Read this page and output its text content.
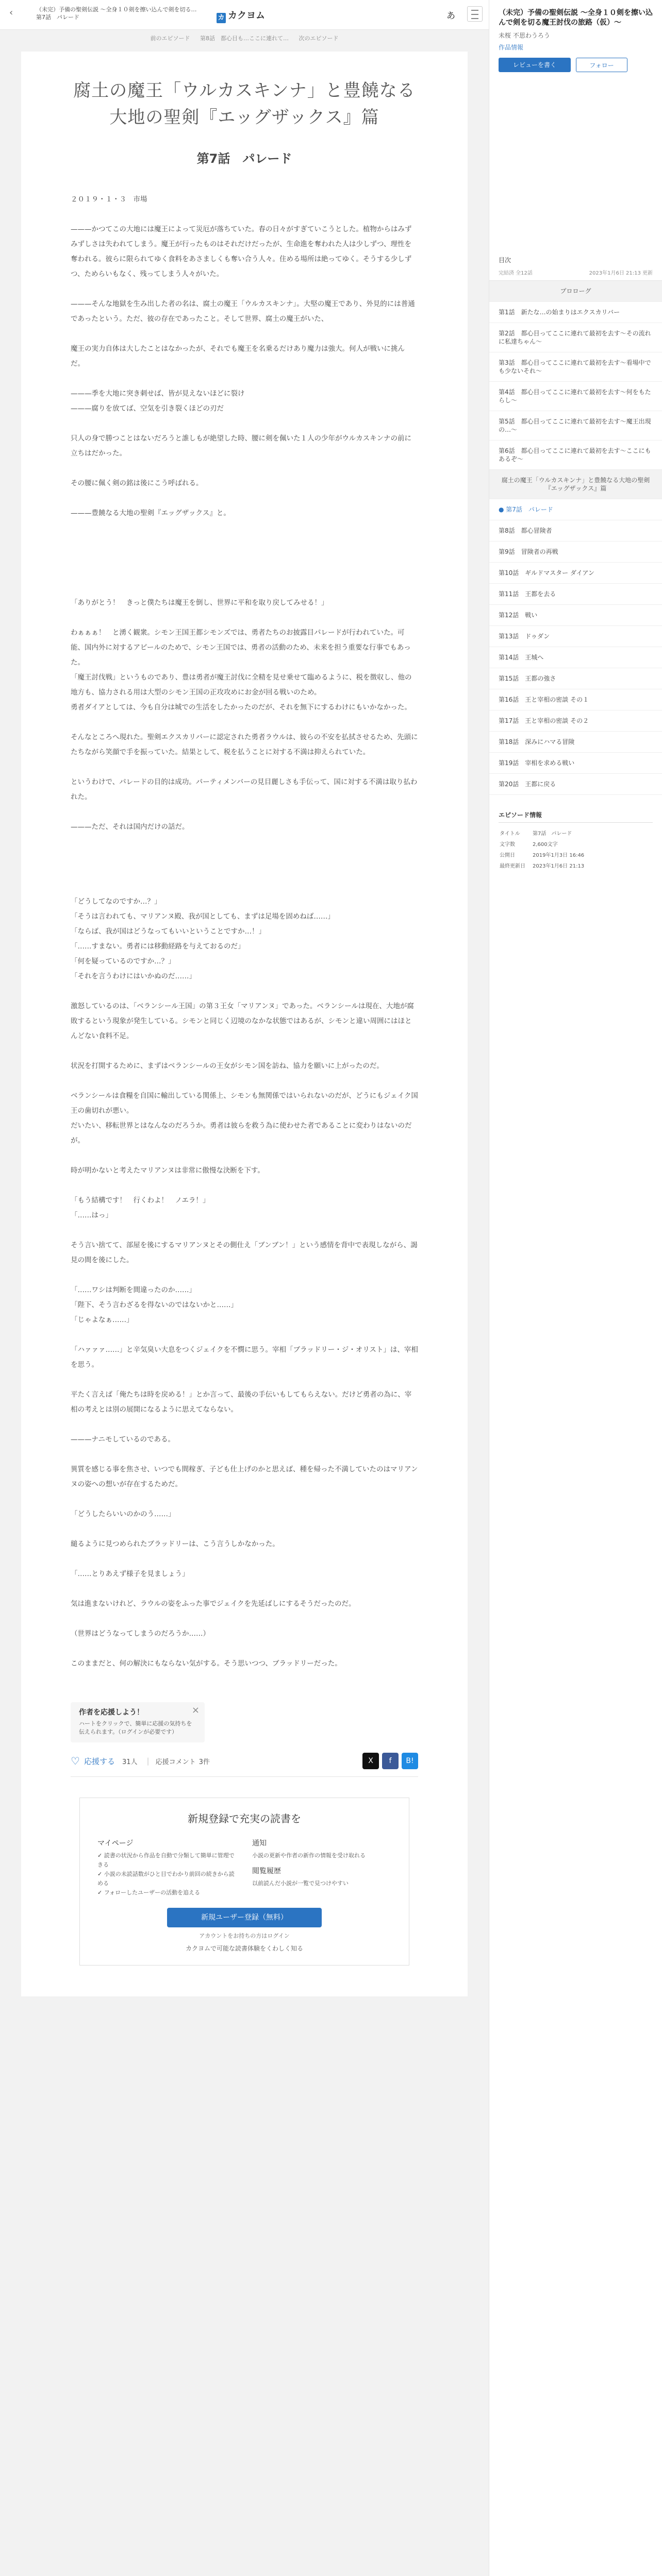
‹	（未完）予備の聖剣伝説 〜全身１０剣を擦い込んで剣を切る…
第7話　パレード	カ カクヨム	あ
前のエピソード 第8話　都心目も…ここに連れて… 次のエピソード
腐土の魔王「ウルカスキンナ」と豊饒なる大地の聖剣『エッグザックス』篇
第7話　パレード

２０１９・１・３　市場

———かつてこの大地には魔王によって災厄が落ちていた。春の日々がすぎていこうとした。植物からはみずみずしさは失われてしまう。魔王が行ったものはそれだけだったが、生命進を奪われた人は少しずつ、理性を奪われる。彼らに限られてゆく食料をあさましくも奪い合う人々。住める場所は絶ってゆく。そうする少しずつ、ためらいもなく、残ってしまう人々がいた。

———そんな地獄を生み出した者の名は、腐土の魔王「ウルカスキンナ」。大堅の魔王であり、外見的には普通であったという。ただ、彼の存在であったこと。そして世界、腐土の魔王がいた、

魔王の実力自体は大したことはなかったが、それでも魔王を名乗るだけあり魔力は強大。何人が戦いに挑んだ。

———季を大地に突き刺せば、皆が見えないほどに裂け

———腐りを放てば、空気を引き裂くほどの刃だ

只人の身で勝つことはないだろうと誰しもが絶望した時、腰に剣を佩いた１人の少年がウルカスキンナの前に立ちはだかった。

その腰に佩く剣の銘は後にこう呼ばれる。

———豊饒なる大地の聖剣『エッグザックス』と。

「ありがとう！　きっと僕たちは魔王を倒し、世界に平和を取り戻してみせる！」

わぁぁぁ！　と湧く観衆。シモン王国王都シモンズでは、勇者たちのお披露目パレードが行われていた。可能、国内外に対するアピールのためで、シモン王国では、勇者の活動のため、未来を担う重要な行事でもあった。

「魔王討伐戦」というものであり、豊は勇者が魔王討伐に全精を見せ乗せて臨めるように、税を徴収し、他の地方も、協力される用は大型のシモン王国の正攻攻めにお金が回る戦いのため。

勇者ダイアとしては、今も自分は城での生活をしたかったのだが、それを無下にするわけにもいかなかった。

そんなところへ現れた。聖剣エクスカリバーに認定された勇者ラウルは、彼らの不安を払拭させるため、先頭にたちながら笑顔で手を振っていた。結果として、税を払うことに対する不満は抑えられていた。

というわけで、パレードの目的は成功。パーティメンバーの見目麗しさも手伝って、国に対する不満は取り払われた。

———ただ、それは国内だけの話だ。

「どうしてなのですか…？」

「そうは言われても、マリアンヌ殿、我が国としても、まずは足場を固めねば……」

「ならば、我が国はどうなってもいいということですか…！」

「……すまない。勇者には移動経路を与えておるのだ」

「何を疑っているのですか…？」

「それを言うわけにはいかぬのだ……」

激怒しているのは、「ベランシール王国」の第３王女「マリアンヌ」であった。ベランシールは現在、大地が腐敗するという現象が発生している。シモンと同じく辺境のなかな状態ではあるが、シモンと違い周囲にはほとんどない食料不足。

状況を打開するために、まずはベランシールの王女がシモン国を訪ね、協力を願いに上がったのだ。

ベランシールは食糧を自国に輸出している関係上、シモンも無関係ではいられないのだが、どうにもジェイク国王の歯切れが悪い。

だいたい、移転世界とはなんなのだろうか。勇者は彼らを救う為に使わせた者であることに変わりはないのだが。

時が明かないと考えたマリアンヌは非常に傲慢な決断を下す。

「もう結構です！　行くわよ！　ノエラ！」

「……はっ」

そう言い捨てて、部屋を後にするマリアンヌとその側仕え「ブンブン！」という感情を背中で表現しながら、謁見の間を後にした。

「……ワシは判断を間違ったのか……」

「陛下、そう言わざるを得ないのではないかと……」

「じゃよなぁ……」

「ハァァァ……」と辛気臭い大息をつくジェイクを不憫に思う。宰相「ブラッドリー・ジ・オリスト」は、宰相を思う。

平たく言えば「俺たちは時を戻める！」とか言って、最後の手伝いもしてもらえない。だけど勇者の為に、宰相の考えとは別の展開になるように思えてならない。

———ナニモしているのである。

異質を感じる事を焦させ、いつでも間稼ぎ、子ども仕上げのかと思えば、種を帰った不満していたのはマリアンヌの姿への想いが存在するためだ。

「どうしたらいいのかのう……」

縋るように見つめられたブラッドリーは、こう言うしかなかった。

「……とりあえず様子を見ましょう」

気は進まないけれど、ラウルの姿をふった事でジェイクを先延ばしにするそうだったのだ。

（世界はどうなってしまうのだろうか……）

このままだと、何の解決にもならない気がする。そう思いつつ、ブラッドリーだった。

作者を応援しよう！
ハートをクリックで、簡単に応援の気持ちを伝えられます。（ログインが必要です）
×
♡ 応援する 31人 | 応援コメント 3件	X	f	B!
新規登録で充実の読書を
マイページ
✓ 読書の状況から作品を自動で分類して簡単に管理できる
✓ 小説の未読話数がひと目でわかり前回の続きから読める
✓ フォローしたユーザーの活動を追える
通知

小説の更新や作者の新作の情報を受け取れる

閲覧履歴

以前読んだ小説が一覧で見つけやすい

新規ユーザー登録（無料）
アカウントをお持ちの方はログイン
カクヨムで可能な読書体験をくわしく知る
（未完）予備の聖剣伝説 〜全身１０剣を擦い込んで剣を切る魔王討伐の旅路（仮）〜
未桜 不思わうろう
作品情報
レビューを書く	フォロー
目次
完結済 全12話	2023年1月6日 21:13 更新
プロローグ
第1話　新たな…の始まりはエクスカリバー
第2話　都心目ってここに連れて最初を去す〜その流れに私達ちゃん〜
第3話　都心目ってここに連れて最初を去す〜看場中でも少ないそれ〜
第4話　都心目ってここに連れて最初を去す〜何をもたらし〜
第5話　都心目ってここに連れて最初を去す〜魔王出現の…〜
第6話　都心目ってここに連れて最初を去す〜ここにもあるぞ〜
腐土の魔王「ウルカスキンナ」と豊饒なる大地の聖剣『エッグザックス』篇
● 第7話　パレード
第8話　都心冒険者
第9話　冒険者の再戦
第10話　ギルドマスター ダイアン
第11話　王都を去る
第12話　戦い
第13話　ドゥダン
第14話　王城へ
第15話　王都の強さ
第16話　王と宰相の密談 その１
第17話　王と宰相の密談 その２
第18話　深みにハマる冒険
第19話　宰相を求める戦い
第20話　王都に戻る
エピソード情報
タイトル	第7話　パレード
文字数	2,600文字
公開日	2019年1月3日 16:46
最終更新日	2023年1月6日 21:13
